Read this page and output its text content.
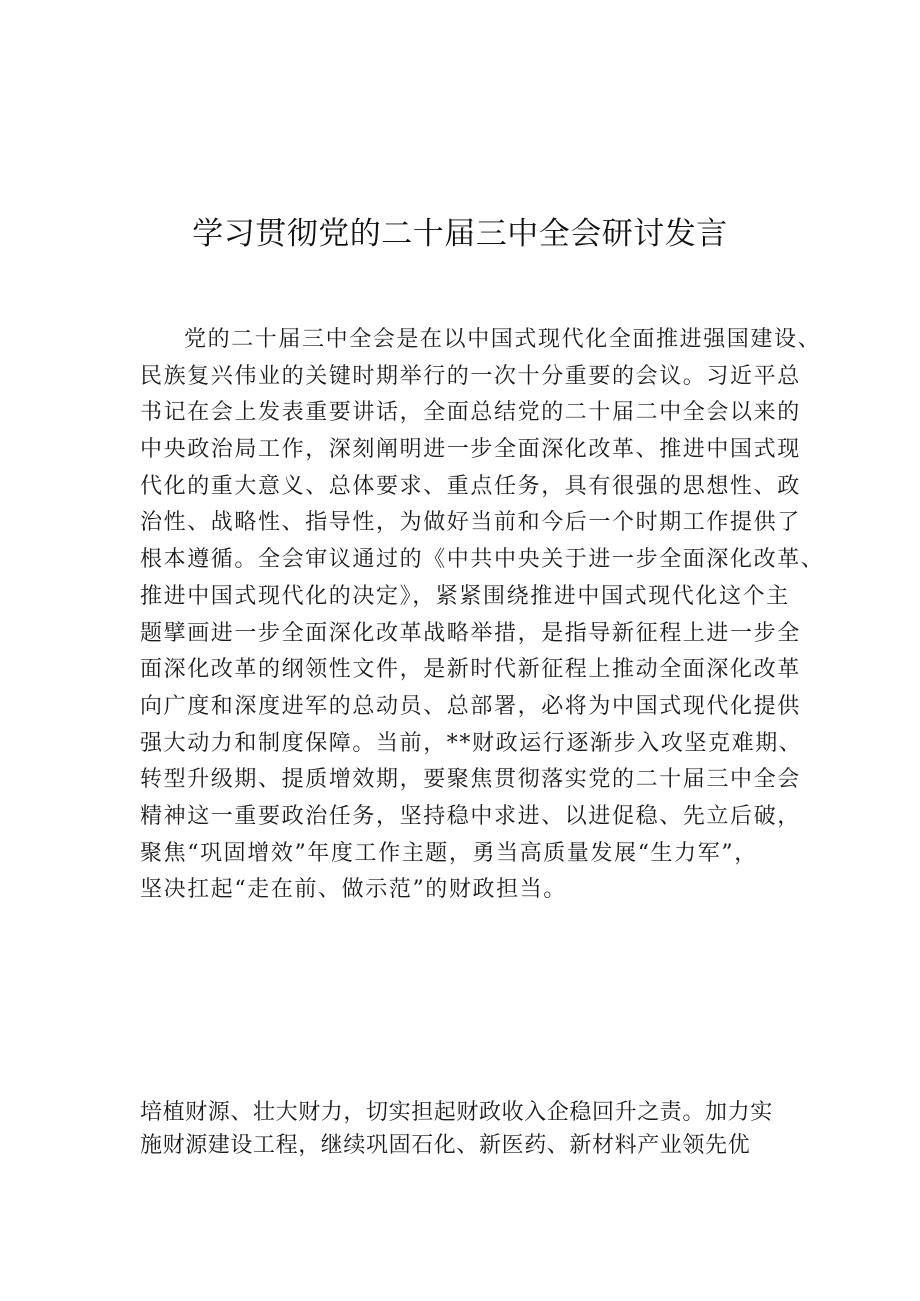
学习贯彻党的二十届三中全会研讨发言
党的二十届三中全会是在以中国式现代化全面推进强国建设、
民族复兴伟业的关键时期举行的一次十分重要的会议。习近平总
书记在会上发表重要讲话，全面总结党的二十届二中全会以来的
中央政治局工作，深刻阐明进一步全面深化改革、推进中国式现
代化的重大意义、总体要求、重点任务，具有很强的思想性、政
治性、战略性、指导性，为做好当前和今后一个时期工作提供了
根本遵循。全会审议通过的《中共中央关于进一步全面深化改革、
推进中国式现代化的决定》，紧紧围绕推进中国式现代化这个主
题擘画进一步全面深化改革战略举措，是指导新征程上进一步全
面深化改革的纲领性文件，是新时代新征程上推动全面深化改革
向广度和深度进军的总动员、总部署，必将为中国式现代化提供
强大动力和制度保障。当前，**财政运行逐渐步入攻坚克难期、
转型升级期、提质增效期，要聚焦贯彻落实党的二十届三中全会
精神这一重要政治任务，坚持稳中求进、以进促稳、先立后破，
聚焦“巩固增效”年度工作主题，勇当高质量发展“生力军”，
坚决扛起“走在前、做示范”的财政担当。
培植财源、壮大财力，切实担起财政收入企稳回升之责。加力实
施财源建设工程，继续巩固石化、新医药、新材料产业领先优
